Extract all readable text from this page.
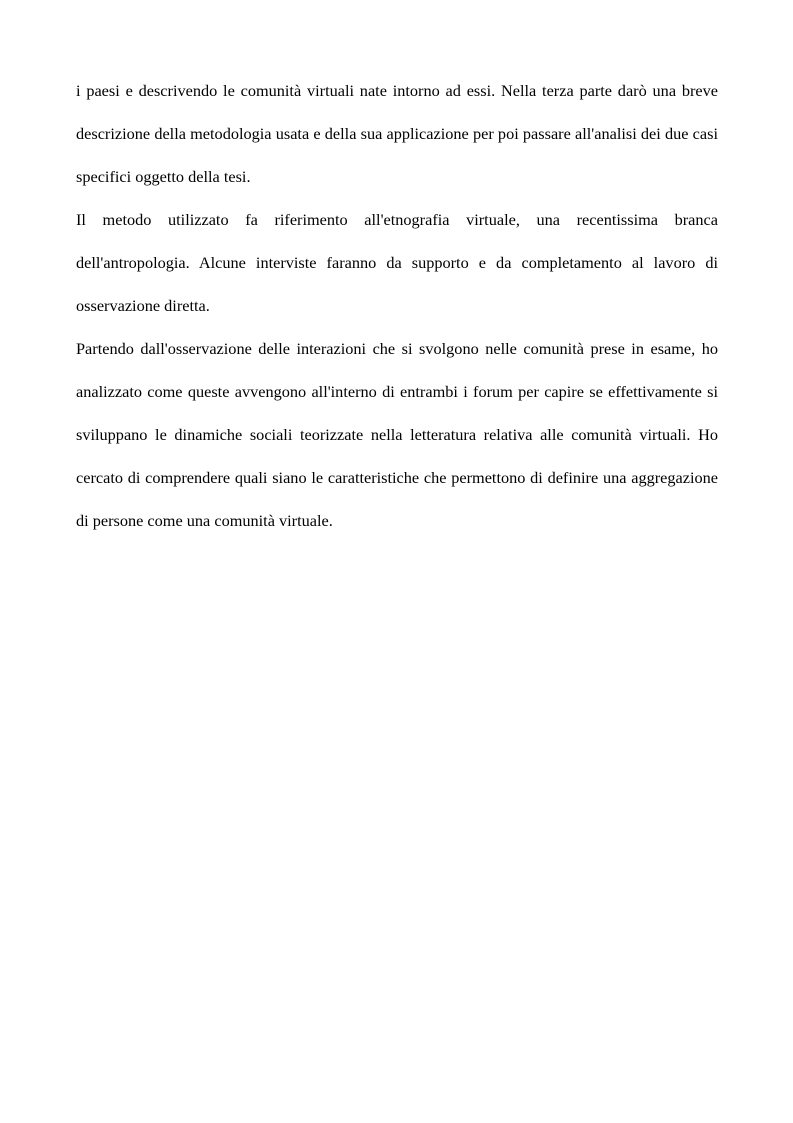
i paesi e descrivendo le comunità virtuali nate intorno ad essi. Nella terza parte darò una breve descrizione della metodologia usata e della sua applicazione per poi passare all'analisi dei due casi specifici oggetto della tesi.

Il metodo utilizzato fa riferimento all'etnografia virtuale, una recentissima branca dell'antropologia. Alcune interviste faranno da supporto e da completamento al lavoro di osservazione diretta.

Partendo dall'osservazione delle interazioni che si svolgono nelle comunità prese in esame, ho analizzato come queste avvengono all'interno di entrambi i forum per capire se effettivamente si sviluppano le dinamiche sociali teorizzate nella letteratura relativa alle comunità virtuali. Ho cercato di comprendere quali siano le caratteristiche che permettono di definire una aggregazione di persone come una comunità virtuale.
